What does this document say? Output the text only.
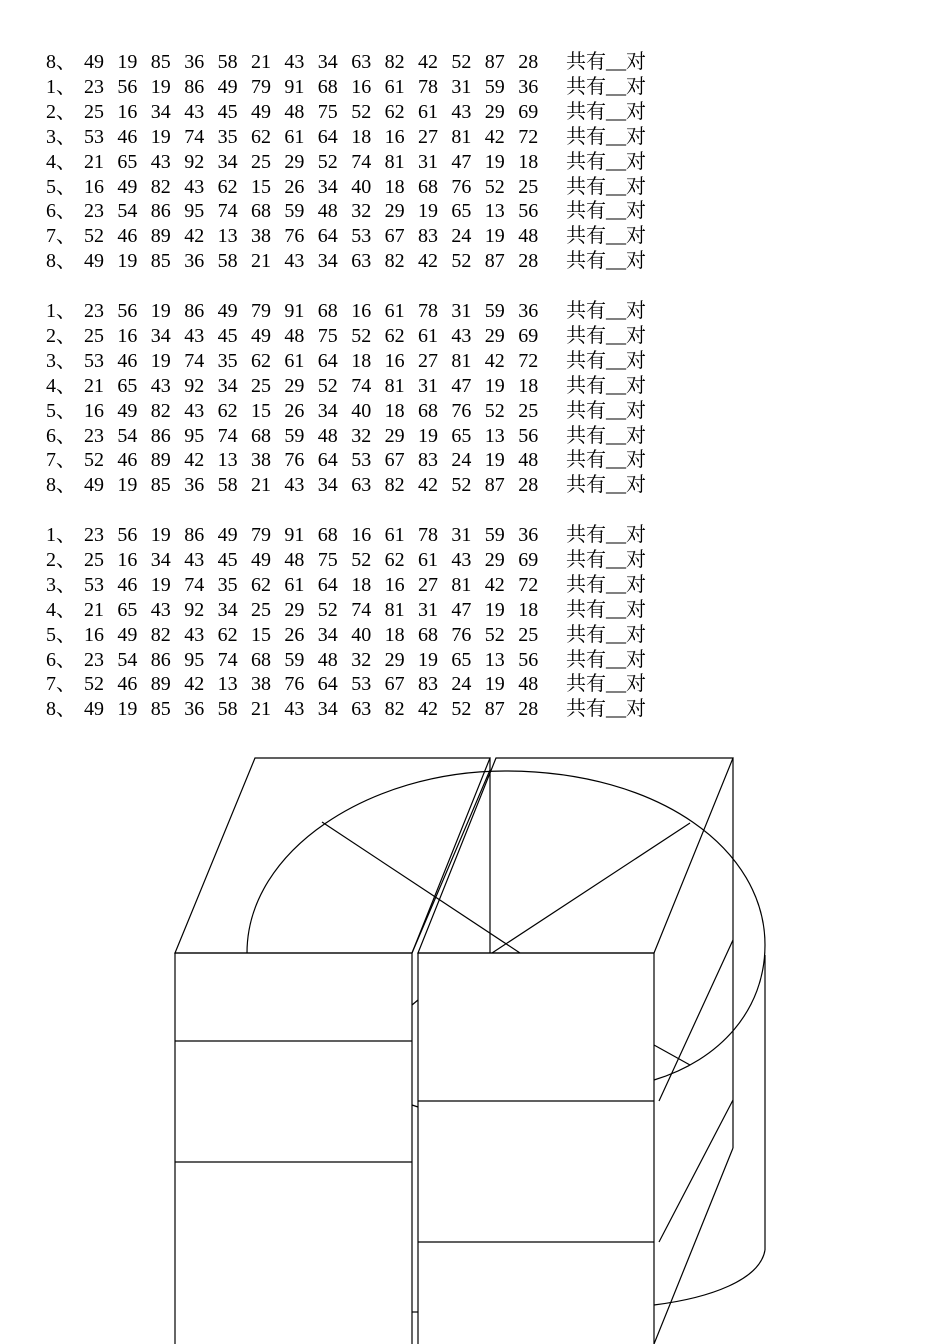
8、 49 19 85 36 58 21 43 34 63 82 42 52 87 28	共有__对
1、 23 56 19 86 49 79 91 68 16 61 78 31 59 36	共有__对
2、 25 16 34 43 45 49 48 75 52 62 61 43 29 69	共有__对
3、 53 46 19 74 35 62 61 64 18 16 27 81 42 72	共有__对
4、 21 65 43 92 34 25 29 52 74 81 31 47 19 18	共有__对
5、 16 49 82 43 62 15 26 34 40 18 68 76 52 25	共有__对
6、 23 54 86 95 74 68 59 48 32 29 19 65 13 56	共有__对
7、 52 46 89 42 13 38 76 64 53 67 83 24 19 48	共有__对
8、 49 19 85 36 58 21 43 34 63 82 42 52 87 28	共有__对
1、 23 56 19 86 49 79 91 68 16 61 78 31 59 36	共有__对
2、 25 16 34 43 45 49 48 75 52 62 61 43 29 69	共有__对
3、 53 46 19 74 35 62 61 64 18 16 27 81 42 72	共有__对
4、 21 65 43 92 34 25 29 52 74 81 31 47 19 18	共有__对
5、 16 49 82 43 62 15 26 34 40 18 68 76 52 25	共有__对
6、 23 54 86 95 74 68 59 48 32 29 19 65 13 56	共有__对
7、 52 46 89 42 13 38 76 64 53 67 83 24 19 48	共有__对
8、 49 19 85 36 58 21 43 34 63 82 42 52 87 28	共有__对
1、 23 56 19 86 49 79 91 68 16 61 78 31 59 36	共有__对
2、 25 16 34 43 45 49 48 75 52 62 61 43 29 69	共有__对
3、 53 46 19 74 35 62 61 64 18 16 27 81 42 72	共有__对
4、 21 65 43 92 34 25 29 52 74 81 31 47 19 18	共有__对
5、 16 49 82 43 62 15 26 34 40 18 68 76 52 25	共有__对
6、 23 54 86 95 74 68 59 48 32 29 19 65 13 56	共有__对
7、 52 46 89 42 13 38 76 64 53 67 83 24 19 48	共有__对
8、 49 19 85 36 58 21 43 34 63 82 42 52 87 28	共有__对
